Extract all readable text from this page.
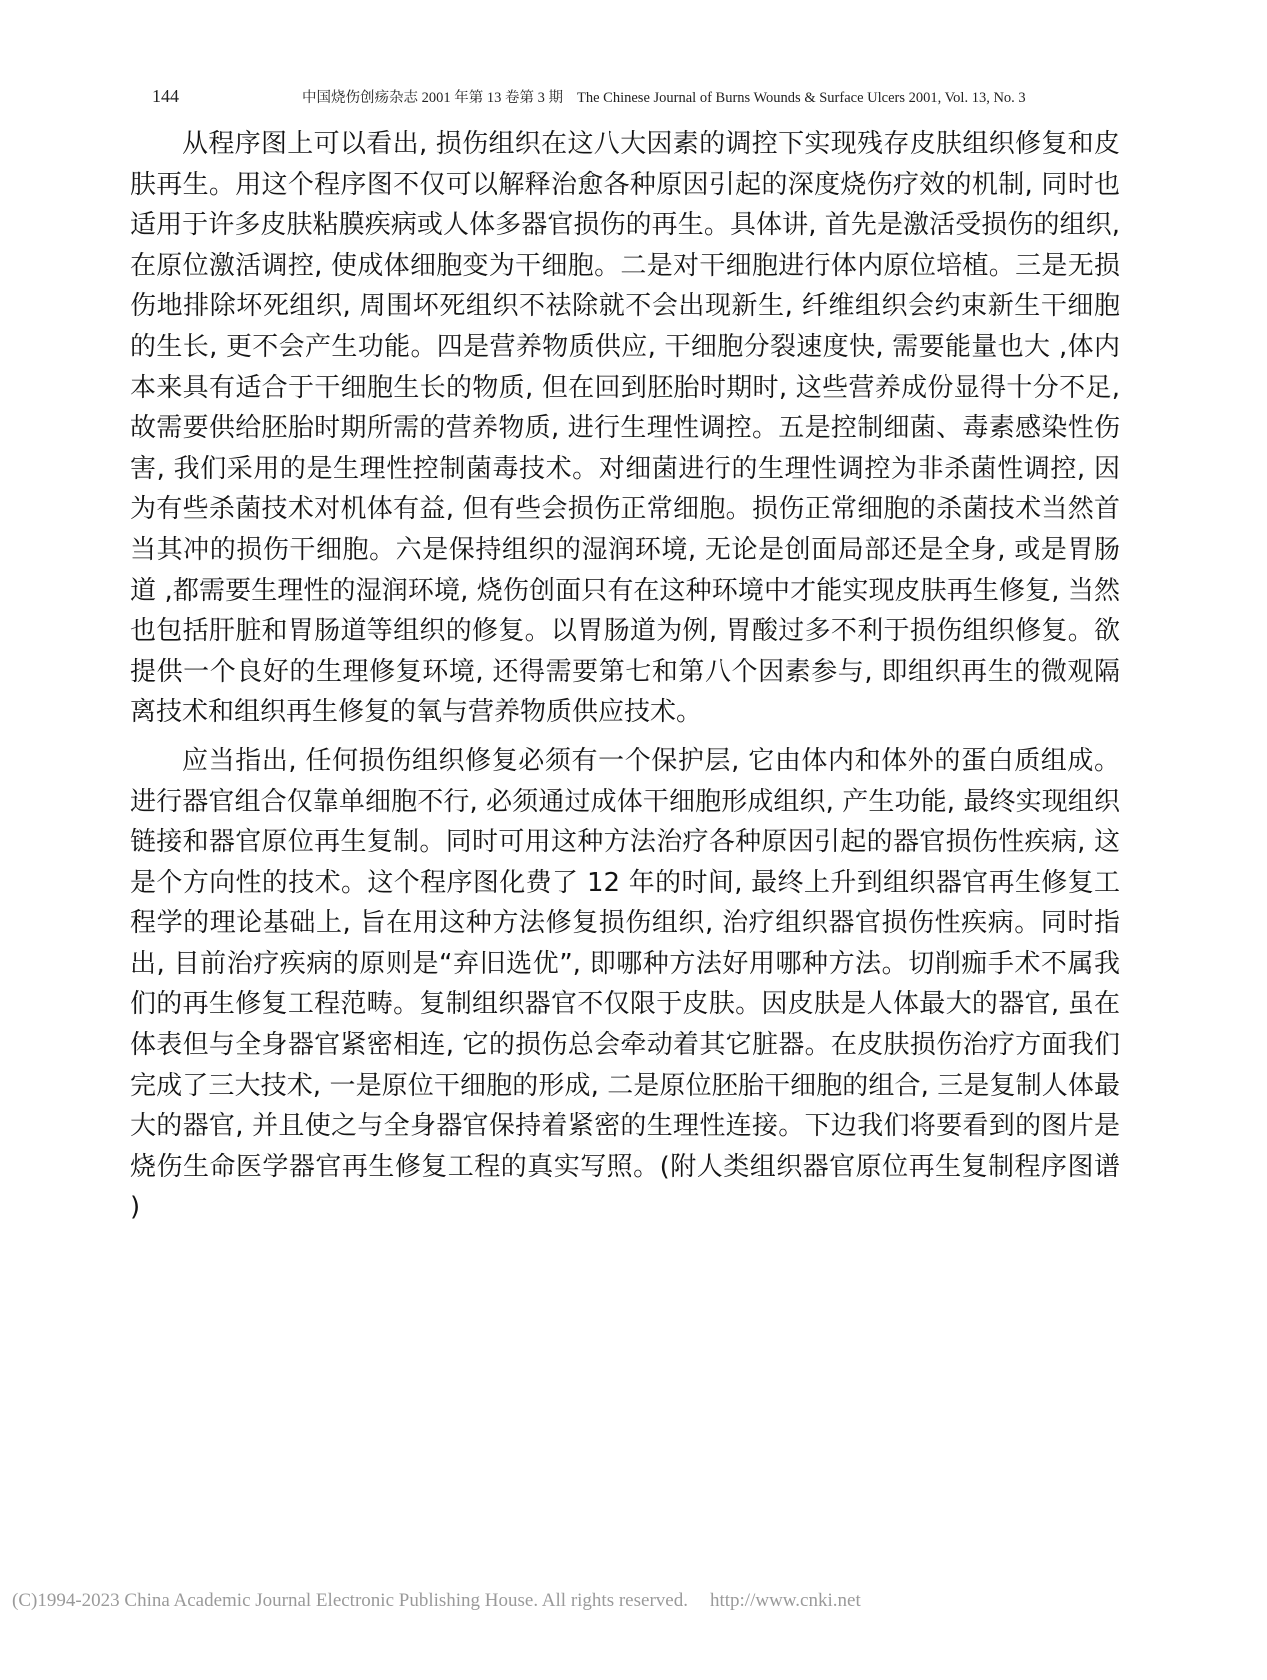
144	中国烧伤创疡杂志 2001 年第 13 卷第 3 期 The Chinese Journal of Burns Wounds & Surface Ulcers 2001, Vol. 13, No. 3

从程序图上可以看出, 损伤组织在这八大因素的调控下实现残存皮肤组织修复和皮肤再生。用这个程序图不仅可以解释治愈各种原因引起的深度烧伤疗效的机制, 同时也适用于许多皮肤粘膜疾病或人体多器官损伤的再生。具体讲, 首先是激活受损伤的组织, 在原位激活调控, 使成体细胞变为干细胞。二是对干细胞进行体内原位培植。三是无损伤地排除坏死组织, 周围坏死组织不祛除就不会出现新生, 纤维组织会约束新生干细胞的生长, 更不会产生功能。四是营养物质供应, 干细胞分裂速度快, 需要能量也大 ,体内本来具有适合于干细胞生长的物质, 但在回到胚胎时期时, 这些营养成份显得十分不足, 故需要供给胚胎时期所需的营养物质, 进行生理性调控。五是控制细菌、毒素感染性伤害, 我们采用的是生理性控制菌毒技术。对细菌进行的生理性调控为非杀菌性调控, 因为有些杀菌技术对机体有益, 但有些会损伤正常细胞。损伤正常细胞的杀菌技术当然首当其冲的损伤干细胞。六是保持组织的湿润环境, 无论是创面局部还是全身, 或是胃肠道 ,都需要生理性的湿润环境, 烧伤创面只有在这种环境中才能实现皮肤再生修复, 当然也包括肝脏和胃肠道等组织的修复。以胃肠道为例, 胃酸过多不利于损伤组织修复。欲提供一个良好的生理修复环境, 还得需要第七和第八个因素参与, 即组织再生的微观隔离技术和组织再生修复的氧与营养物质供应技术。

应当指出, 任何损伤组织修复必须有一个保护层, 它由体内和体外的蛋白质组成。进行器官组合仅靠单细胞不行, 必须通过成体干细胞形成组织, 产生功能, 最终实现组织链接和器官原位再生复制。同时可用这种方法治疗各种原因引起的器官损伤性疾病, 这是个方向性的技术。这个程序图化费了 12 年的时间, 最终上升到组织器官再生修复工程学的理论基础上, 旨在用这种方法修复损伤组织, 治疗组织器官损伤性疾病。同时指出, 目前治疗疾病的原则是“弃旧选优”, 即哪种方法好用哪种方法。切削痂手术不属我们的再生修复工程范畴。复制组织器官不仅限于皮肤。因皮肤是人体最大的器官, 虽在体表但与全身器官紧密相连, 它的损伤总会牵动着其它脏器。在皮肤损伤治疗方面我们完成了三大技术, 一是原位干细胞的形成, 二是原位胚胎干细胞的组合, 三是复制人体最大的器官, 并且使之与全身器官保持着紧密的生理性连接。下边我们将要看到的图片是烧伤生命医学器官再生修复工程的真实写照。(附人类组织器官原位再生复制程序图谱 )

(C)1994-2023 China Academic Journal Electronic Publishing House. All rights reserved. http://www.cnki.net
